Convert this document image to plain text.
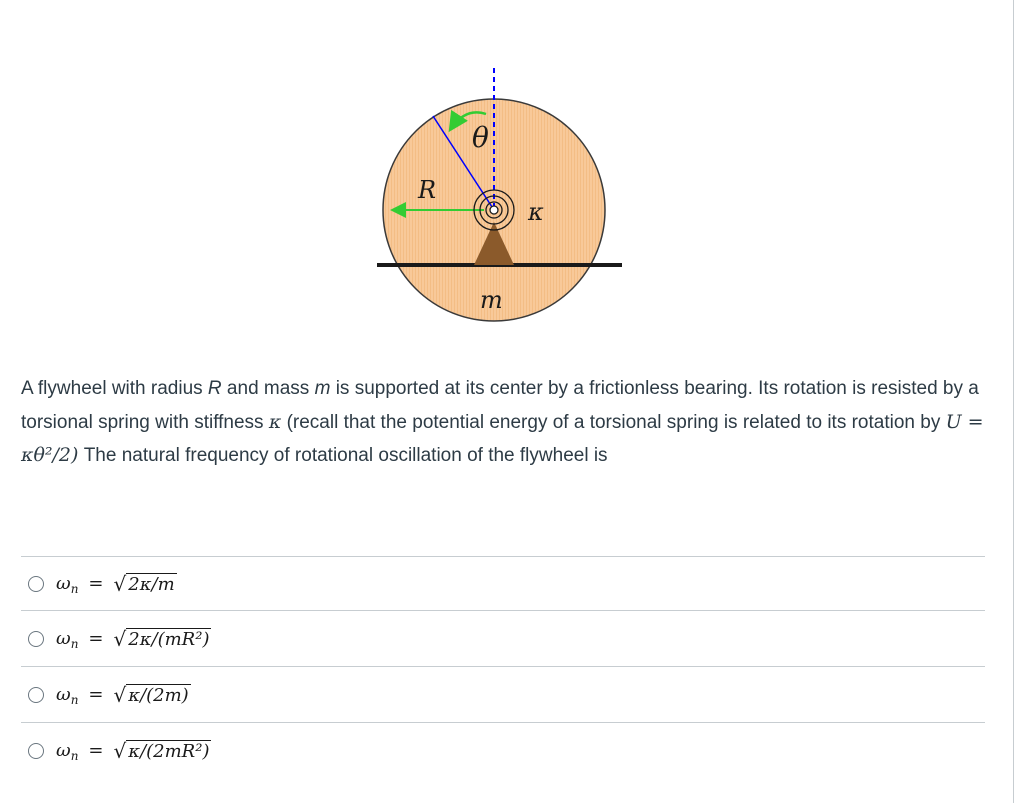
θ
R
κ
m
A flywheel with radius R and mass m is supported at its center by a frictionless bearing. Its rotation is resisted by a torsional spring with stiffness κ (recall that the potential energy of a torsional spring is related to its rotation by U = κθ²/2) The natural frequency of rotational oscillation of the flywheel is
ω n = √ 2κ/m
ω n = √ 2κ/(mR²)
ω n = √ κ/(2m)
ω n = √ κ/(2mR²)
